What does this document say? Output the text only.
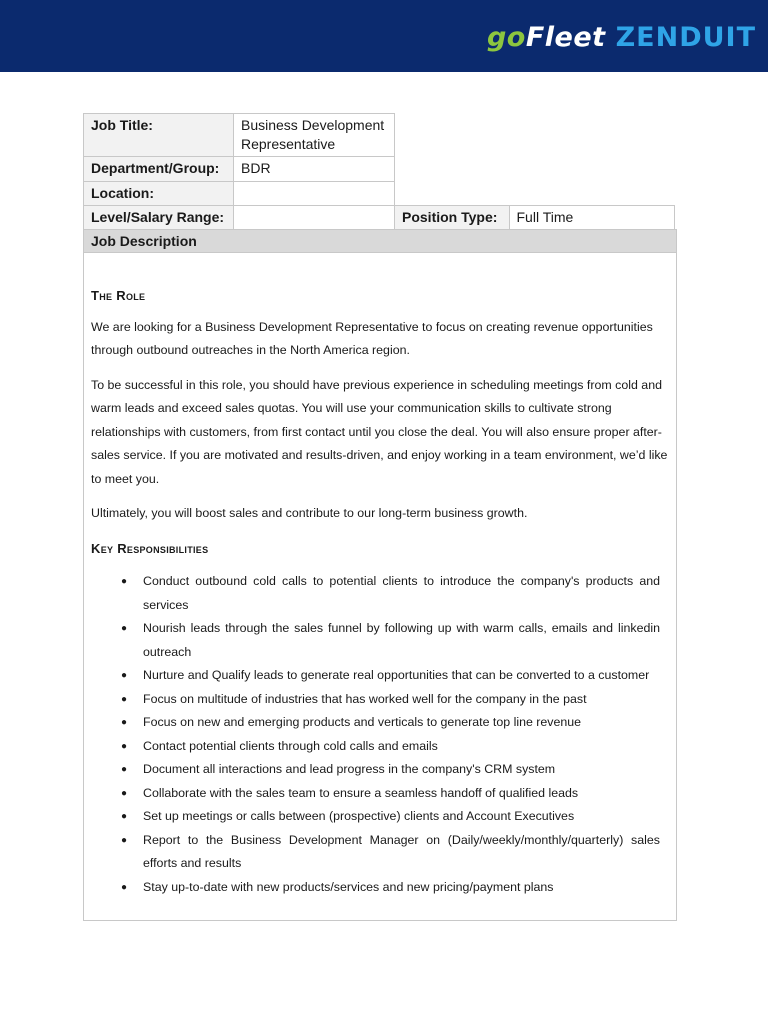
go Fleet ZENDUIT
Job Title:	Business Development Representative		
Department/Group:	BDR		
Location:			
Level/Salary Range:		Position Type:	Full Time
Job Description
The Role

We are looking for a Business Development Representative to focus on creating revenue opportunities through outbound outreaches in the North America region.

To be successful in this role, you should have previous experience in scheduling meetings from cold and warm leads and exceed sales quotas. You will use your communication skills to cultivate strong relationships with customers, from first contact until you close the deal. You will also ensure proper after-sales service. If you are motivated and results-driven, and enjoy working in a team environment, we’d like to meet you.

Ultimately, you will boost sales and contribute to our long-term business growth.

Key Responsibilities
● Conduct outbound cold calls to potential clients to introduce the company's products and services
● Nourish leads through the sales funnel by following up with warm calls, emails and linkedin outreach
● Nurture and Qualify leads to generate real opportunities that can be converted to a customer
● Focus on multitude of industries that has worked well for the company in the past
● Focus on new and emerging products and verticals to generate top line revenue
● Contact potential clients through cold calls and emails
● Document all interactions and lead progress in the company's CRM system
● Collaborate with the sales team to ensure a seamless handoff of qualified leads
● Set up meetings or calls between (prospective) clients and Account Executives
● Report to the Business Development Manager on (Daily/weekly/monthly/quarterly) sales efforts and results
● Stay up-to-date with new products/services and new pricing/payment plans
